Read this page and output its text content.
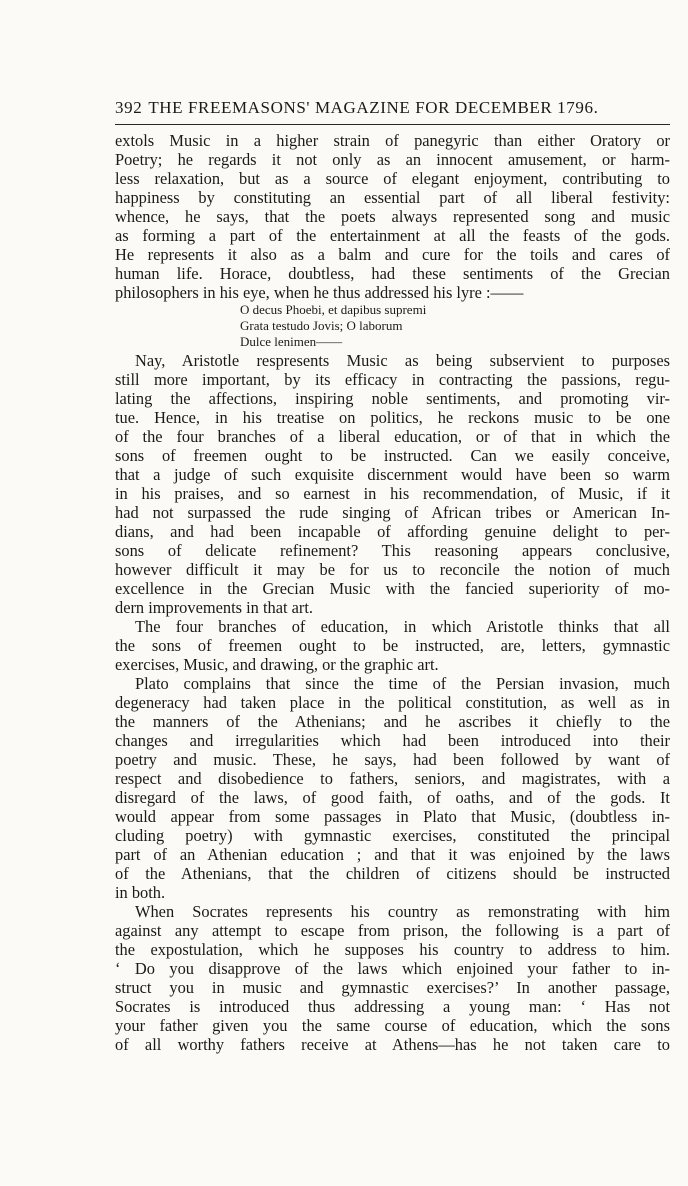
392 THE FREEMASONS' MAGAZINE FOR DECEMBER 1796.

extols Music in a higher strain of panegyric than either Oratory or
Poetry; he regards it not only as an innocent amusement, or harm-
less relaxation, but as a source of elegant enjoyment, contributing to
happiness by constituting an essential part of all liberal festivity:
whence, he says, that the poets always represented song and music
as forming a part of the entertainment at all the feasts of the gods.
He represents it also as a balm and cure for the toils and cares of
human life. Horace, doubtless, had these sentiments of the Grecian
philosophers in his eye, when he thus addressed his lyre :——

O decus Phoebi, et dapibus supremi
Grata testudo Jovis; O laborum
Dulce lenimen——

Nay, Aristotle respresents Music as being subservient to purposes
still more important, by its efficacy in contracting the passions, regu-
lating the affections, inspiring noble sentiments, and promoting vir-
tue. Hence, in his treatise on politics, he reckons music to be one
of the four branches of a liberal education, or of that in which the
sons of freemen ought to be instructed. Can we easily conceive,
that a judge of such exquisite discernment would have been so warm
in his praises, and so earnest in his recommendation, of Music, if it
had not surpassed the rude singing of African tribes or American In-
dians, and had been incapable of affording genuine delight to per-
sons of delicate refinement? This reasoning appears conclusive,
however difficult it may be for us to reconcile the notion of much
excellence in the Grecian Music with the fancied superiority of mo-
dern improvements in that art.

The four branches of education, in which Aristotle thinks that all
the sons of freemen ought to be instructed, are, letters, gymnastic
exercises, Music, and drawing, or the graphic art.

Plato complains that since the time of the Persian invasion, much
degeneracy had taken place in the political constitution, as well as in
the manners of the Athenians; and he ascribes it chiefly to the
changes and irregularities which had been introduced into their
poetry and music. These, he says, had been followed by want of
respect and disobedience to fathers, seniors, and magistrates, with a
disregard of the laws, of good faith, of oaths, and of the gods. It
would appear from some passages in Plato that Music, (doubtless in-
cluding poetry) with gymnastic exercises, constituted the principal
part of an Athenian education ; and that it was enjoined by the laws
of the Athenians, that the children of citizens should be instructed
in both.

When Socrates represents his country as remonstrating with him
against any attempt to escape from prison, the following is a part of
the expostulation, which he supposes his country to address to him.
‘ Do you disapprove of the laws which enjoined your father to in-
struct you in music and gymnastic exercises?’ In another passage,
Socrates is introduced thus addressing a young man: ‘ Has not
your father given you the same course of education, which the sons
of all worthy fathers receive at Athens—has he not taken care to
